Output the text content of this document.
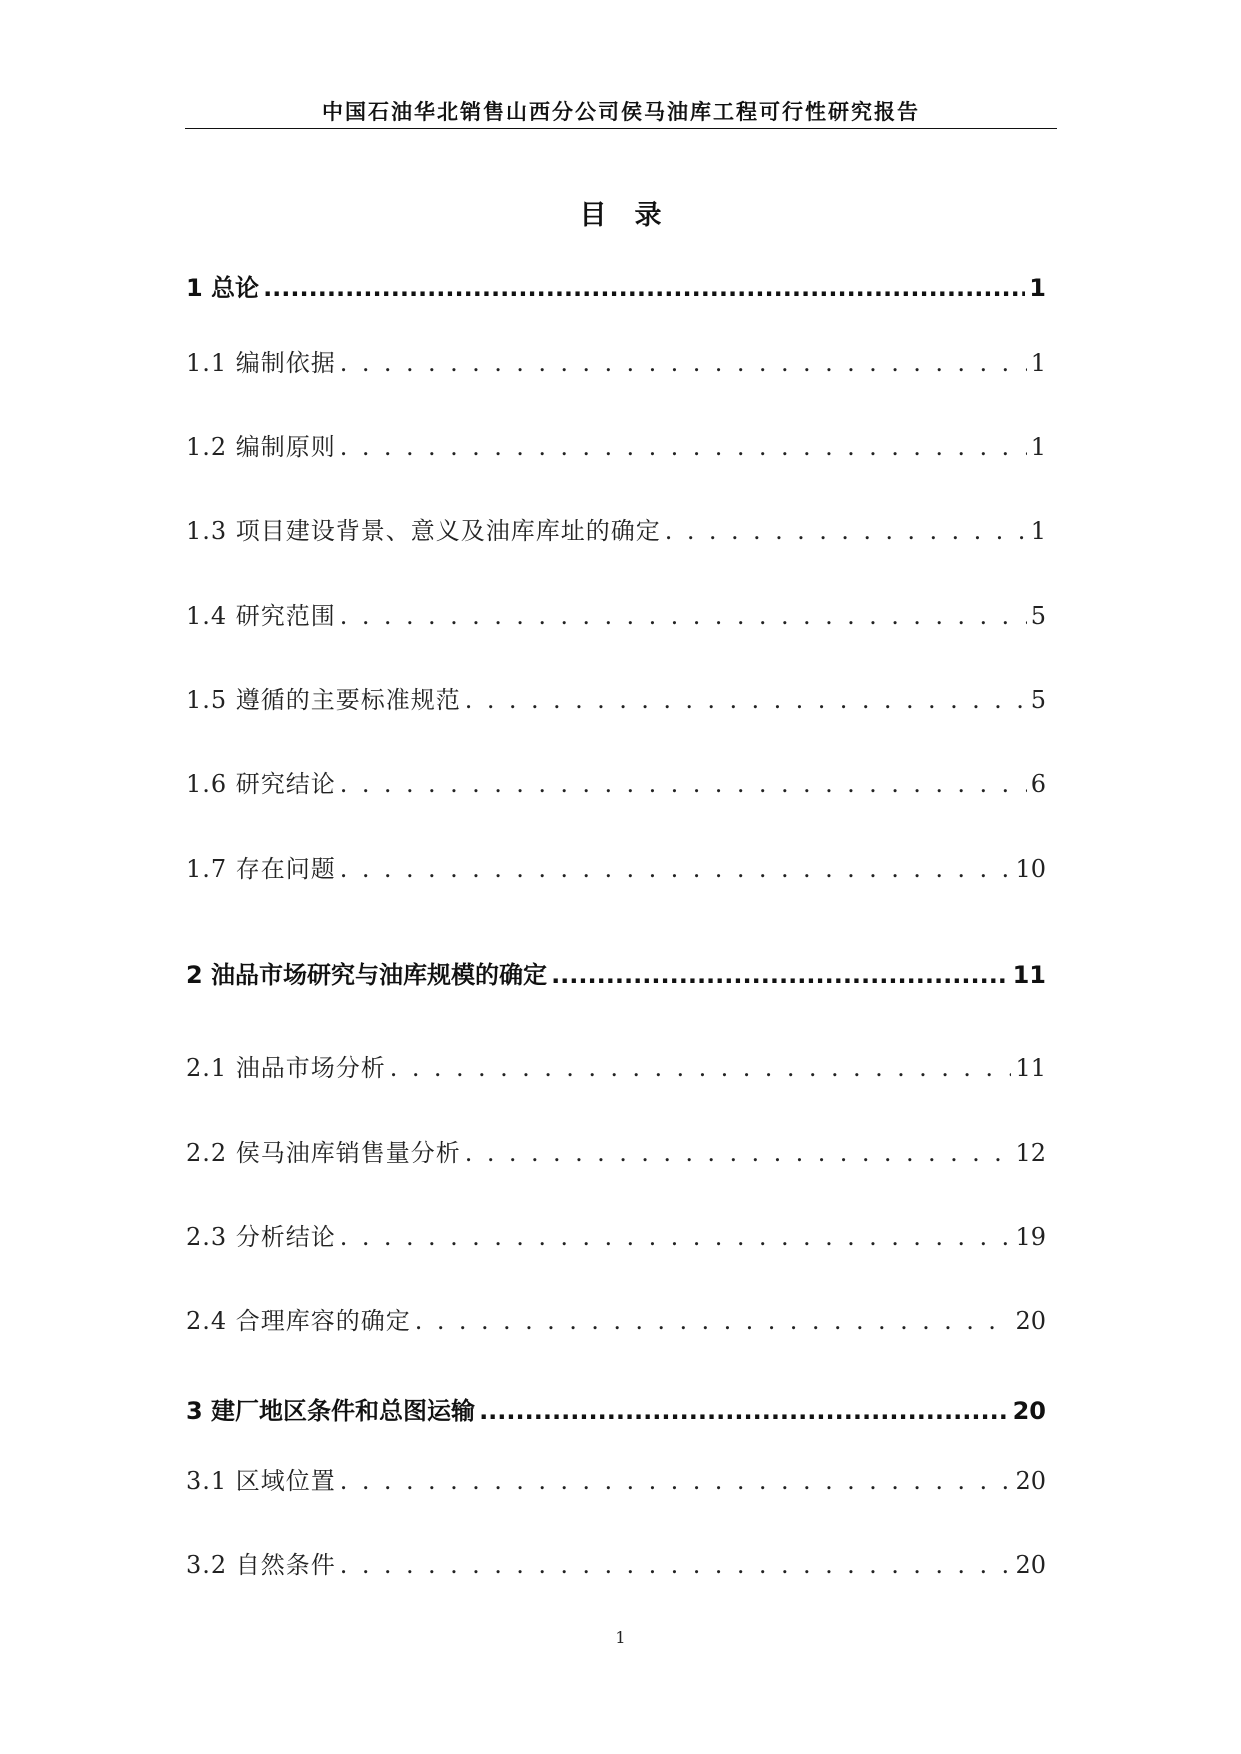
中国石油华北销售山西分公司侯马油库工程可行性研究报告
目录
1 总论 .....	1
1.1 编制依据 . . .	1
1.2 编制原则 . . .	1
1.3 项目建设背景、意义及油库库址的确定 . . .	1
1.4 研究范围 . . .	5
1.5 遵循的主要标准规范 . . .	5
1.6 研究结论 . . .	6
1.7 存在问题 . . .	10
2 油品市场研究与油库规模的确定 .....	11
2.1 油品市场分析 . . .	11
2.2 侯马油库销售量分析 . . .	12
2.3 分析结论 . . .	19
2.4 合理库容的确定 . . .	20
3 建厂地区条件和总图运输 .....	20
3.1 区域位置 . . .	20
3.2 自然条件 . . .	20
1
